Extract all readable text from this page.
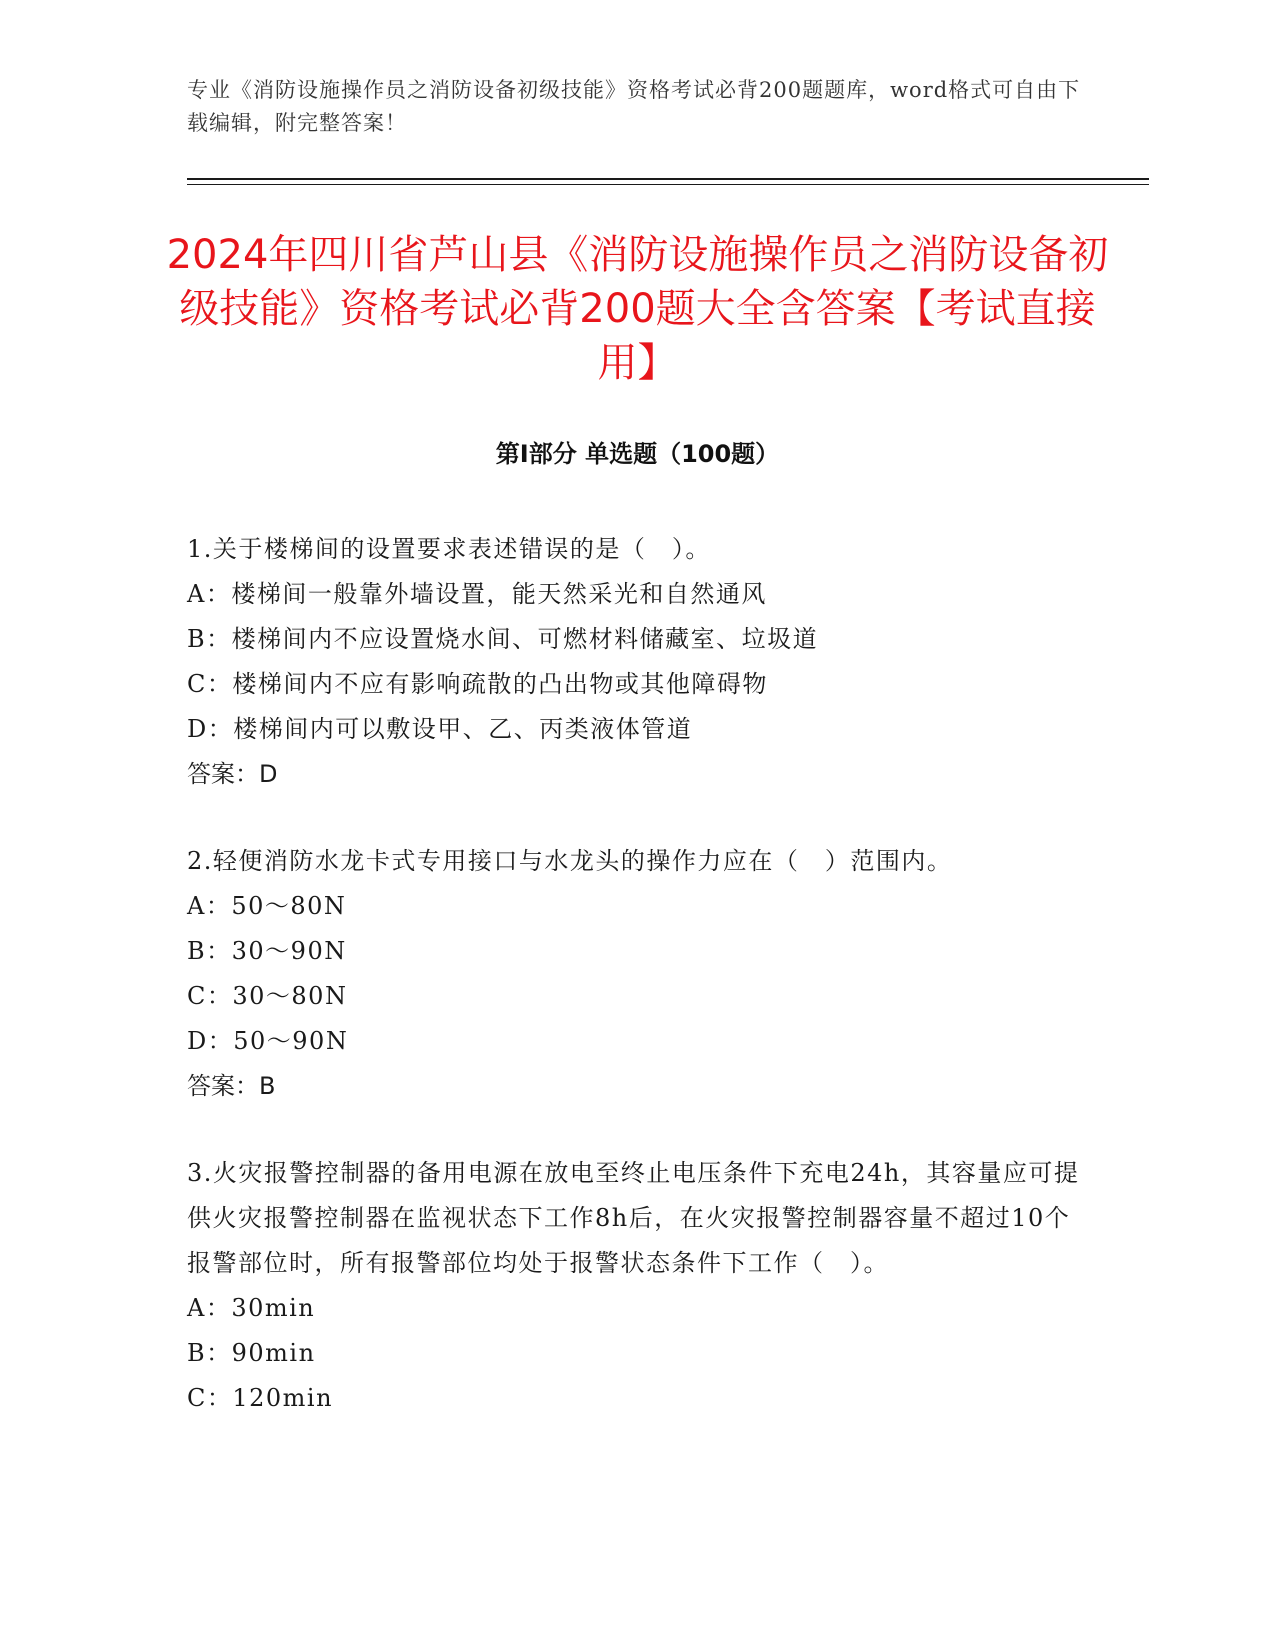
专业《消防设施操作员之消防设备初级技能》资格考试必背200题题库，word格式可自由下载编辑，附完整答案！
2024年四川省芦山县《消防设施操作员之消防设备初级技能》资格考试必背200题大全含答案【考试直接用】
第I部分 单选题（100题）

1.关于楼梯间的设置要求表述错误的是（　）。

A：楼梯间一般靠外墙设置，能天然采光和自然通风

B：楼梯间内不应设置烧水间、可燃材料储藏室、垃圾道

C：楼梯间内不应有影响疏散的凸出物或其他障碍物

D：楼梯间内可以敷设甲、乙、丙类液体管道

答案：D

2.轻便消防水龙卡式专用接口与水龙头的操作力应在（　）范围内。

A：50～80N

B：30～90N

C：30～80N

D：50～90N

答案：B

3.火灾报警控制器的备用电源在放电至终止电压条件下充电24h，其容量应可提供火灾报警控制器在监视状态下工作8h后，在火灾报警控制器容量不超过10个报警部位时，所有报警部位均处于报警状态条件下工作（　）。

A：30min

B：90min

C：120min
